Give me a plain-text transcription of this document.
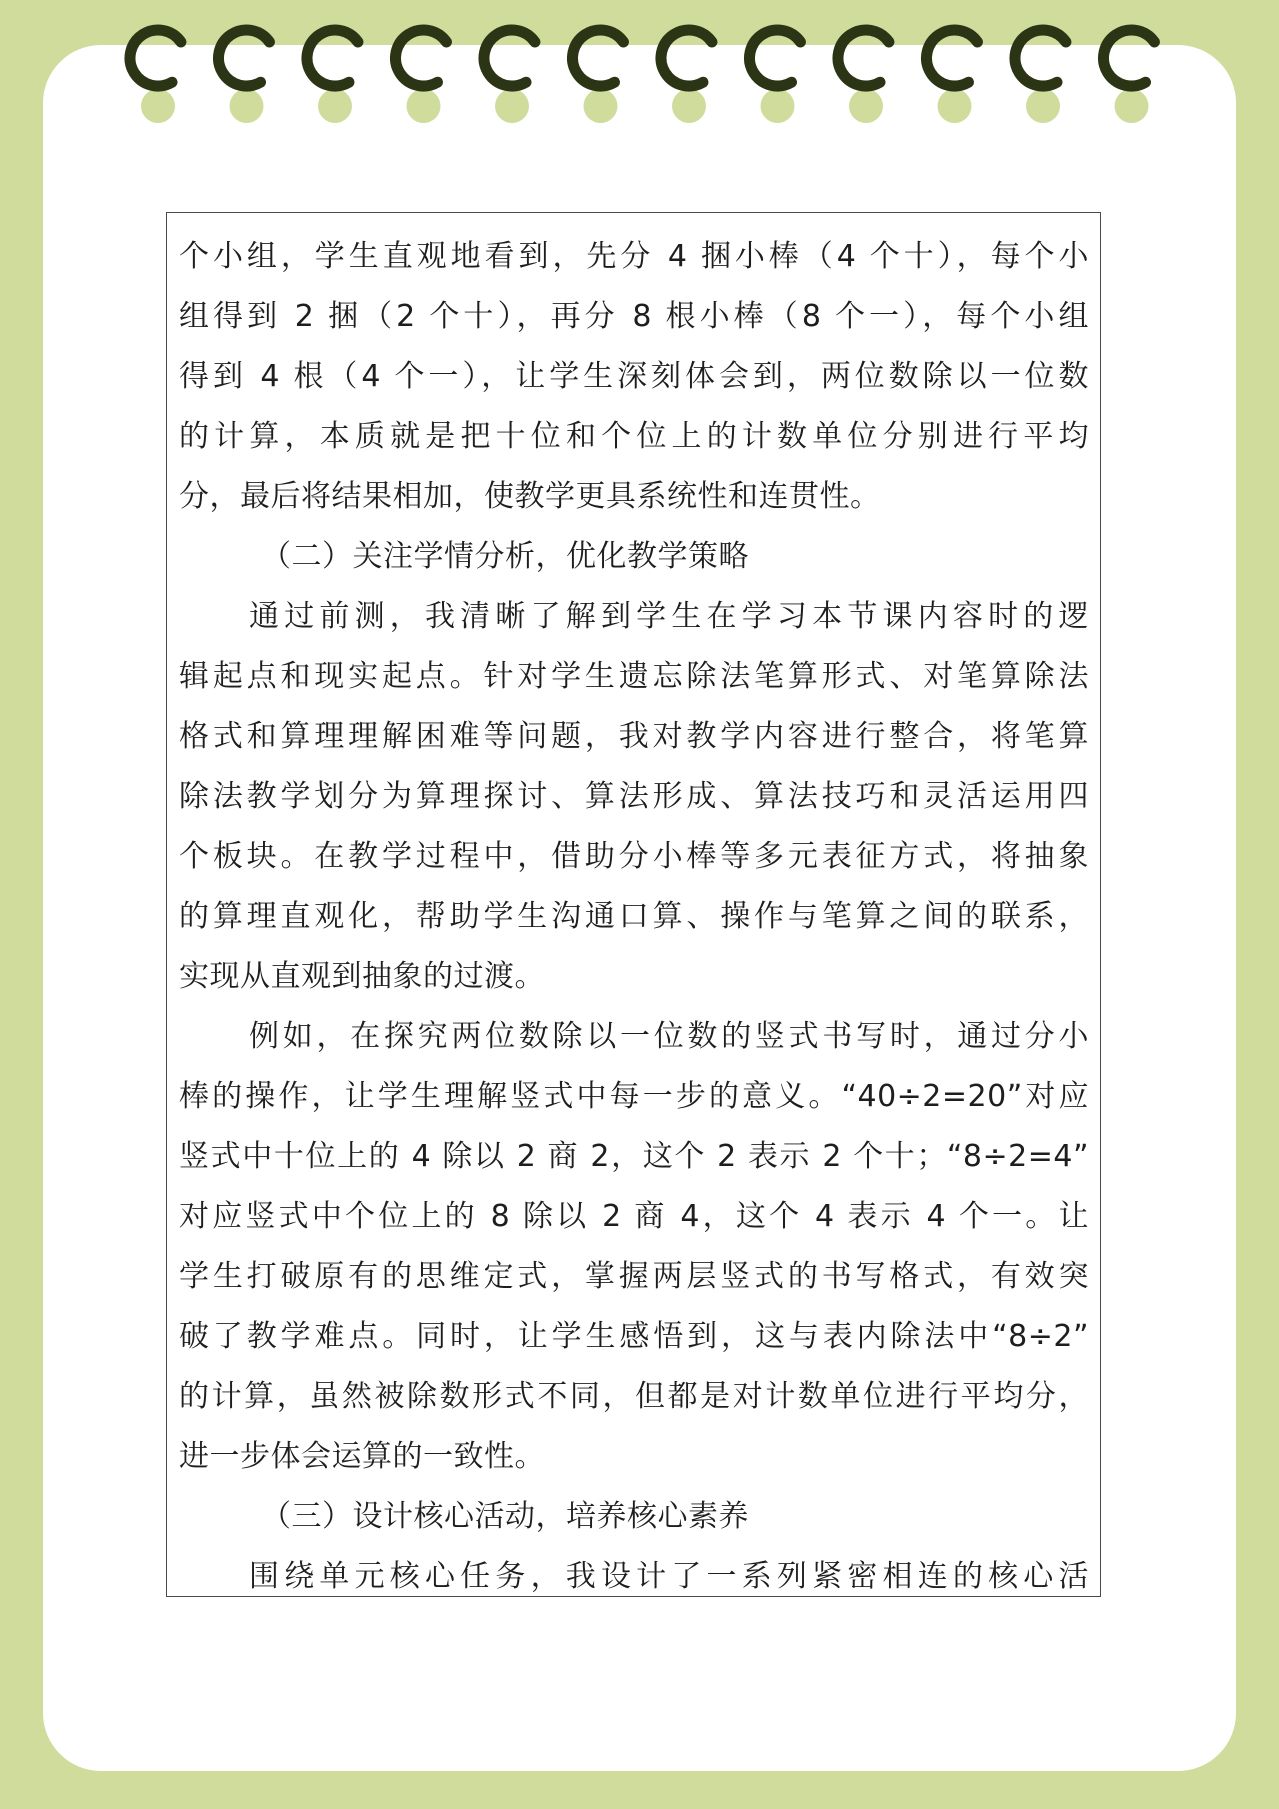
个小组，学生直观地看到，先分 4 捆小棒（4 个十），每个小
组得到 2 捆（2 个十），再分 8 根小棒（8 个一），每个小组
得到 4 根（4 个一），让学生深刻体会到，两位数除以一位数
的计算，本质就是把十位和个位上的计数单位分别进行平均
分，最后将结果相加，使教学更具系统性和连贯性。
（二）关注学情分析，优化教学策略
通过前测，我清晰了解到学生在学习本节课内容时的逻
辑起点和现实起点。针对学生遗忘除法笔算形式、对笔算除法
格式和算理理解困难等问题，我对教学内容进行整合，将笔算
除法教学划分为算理探讨、算法形成、算法技巧和灵活运用四
个板块。在教学过程中，借助分小棒等多元表征方式，将抽象
的算理直观化，帮助学生沟通口算、操作与笔算之间的联系，
实现从直观到抽象的过渡。
例如，在探究两位数除以一位数的竖式书写时，通过分小
棒的操作，让学生理解竖式中每一步的意义。“40÷2=20”对应
竖式中十位上的 4 除以 2 商 2，这个 2 表示 2 个十；“8÷2=4”
对应竖式中个位上的 8 除以 2 商 4，这个 4 表示 4 个一。让
学生打破原有的思维定式，掌握两层竖式的书写格式，有效突
破了教学难点。同时，让学生感悟到，这与表内除法中“8÷2”
的计算，虽然被除数形式不同，但都是对计数单位进行平均分，
进一步体会运算的一致性。
（三）设计核心活动，培养核心素养
围绕单元核心任务，我设计了一系列紧密相连的核心活
